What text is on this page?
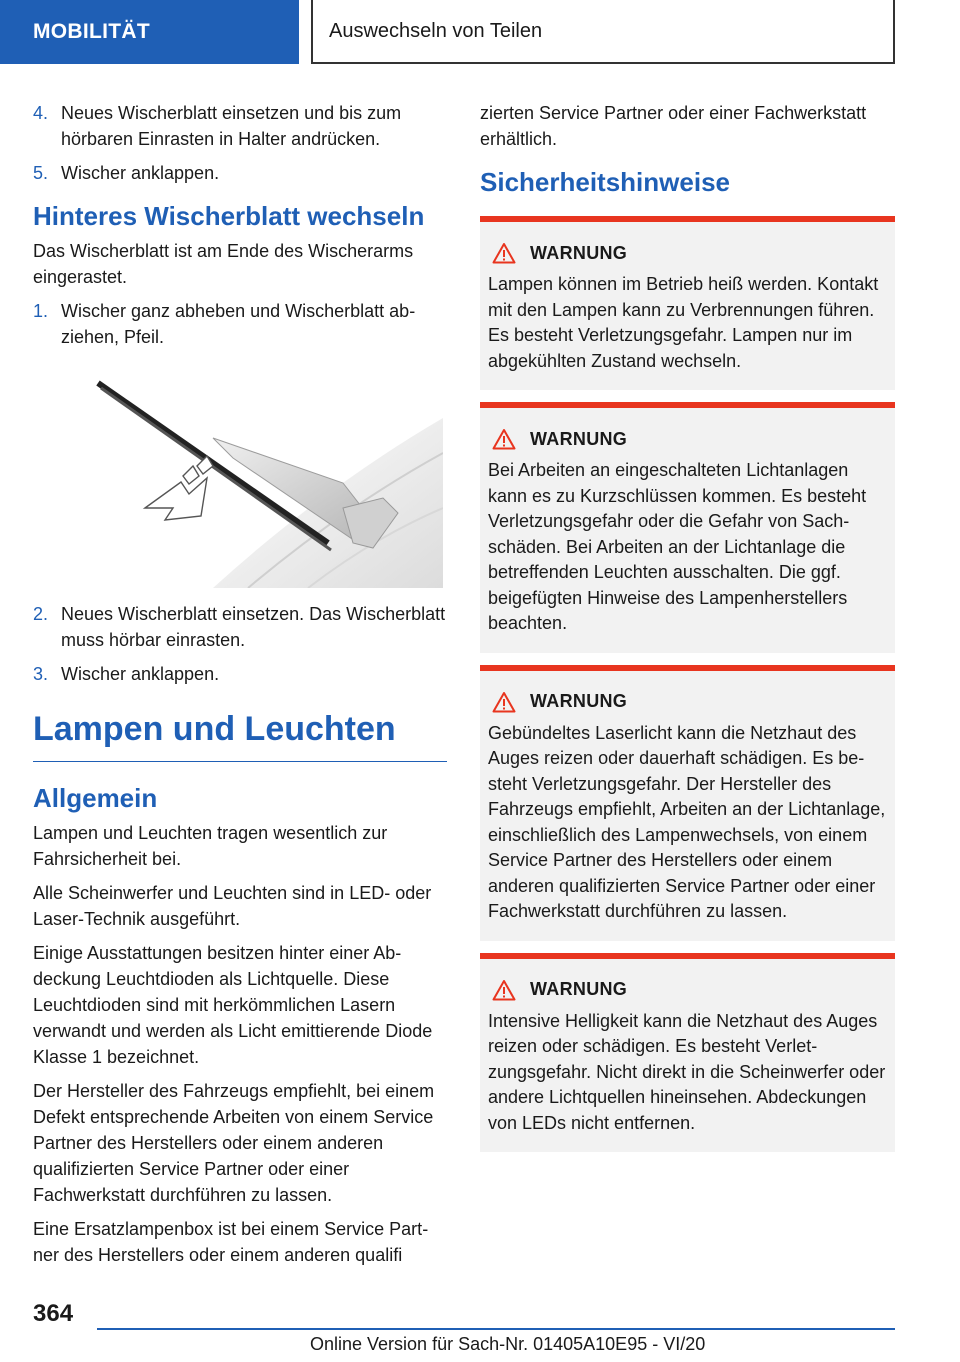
MOBILITÄT	Auswechseln von Teilen
4. Neues Wischerblatt einsetzen und bis zum hörbaren Einrasten in Halter andrücken.
5. Wischer anklappen.
Hinteres Wischerblatt wechseln

Das Wischerblatt ist am Ende des Wischerarms eingerastet.

1. Wischer ganz abheben und Wischerblatt abziehen, Pfeil.
2. Neues Wischerblatt einsetzen. Das Wischerblatt muss hörbar einrasten.
3. Wischer anklappen.
Lampen und Leuchten
Allgemein

Lampen und Leuchten tragen wesentlich zur Fahrsicherheit bei.

Alle Scheinwerfer und Leuchten sind in LED- oder Laser-Technik ausgeführt.

Einige Ausstattungen besitzen hinter einer Abdeckung Leuchtdioden als Lichtquelle. Diese Leuchtdioden sind mit herkömmlichen Lasern verwandt und werden als Licht emittierende Diode Klasse 1 bezeichnet.

Der Hersteller des Fahrzeugs empfiehlt, bei einem Defekt entsprechende Arbeiten von einem Service Partner des Herstellers oder einem anderen qualifizierten Service Partner oder einer Fachwerkstatt durchführen zu lassen.

Eine Ersatzlampenbox ist bei einem Service Partner des Herstellers oder einem anderen qualifi

zierten Service Partner oder einer Fachwerkstatt erhältlich.

Sicherheitshinweise
WARNUNG
Lampen können im Betrieb heiß werden. Kontakt mit den Lampen kann zu Verbrennungen führen. Es besteht Verletzungsgefahr. Lampen nur im abgekühlten Zustand wechseln.
WARNUNG
Bei Arbeiten an eingeschalteten Lichtanlagen kann es zu Kurzschlüssen kommen. Es besteht Verletzungsgefahr oder die Gefahr von Sachschäden. Bei Arbeiten an der Lichtanlage die betreffenden Leuchten ausschalten. Die ggf. beigefügten Hinweise des Lampenherstellers beachten.
WARNUNG
Gebündeltes Laserlicht kann die Netzhaut des Auges reizen oder dauerhaft schädigen. Es besteht Verletzungsgefahr. Der Hersteller des Fahrzeugs empfiehlt, Arbeiten an der Lichtanlage, einschließlich des Lampenwechsels, von einem Service Partner des Herstellers oder einem anderen qualifizierten Service Partner oder einer Fachwerkstatt durchführen zu lassen.
WARNUNG
Intensive Helligkeit kann die Netzhaut des Auges reizen oder schädigen. Es besteht Verletzungsgefahr. Nicht direkt in die Scheinwerfer oder andere Lichtquellen hineinsehen. Abdeckungen von LEDs nicht entfernen.
364
Online Version für Sach-Nr. 01405A10E95 - VI/20
